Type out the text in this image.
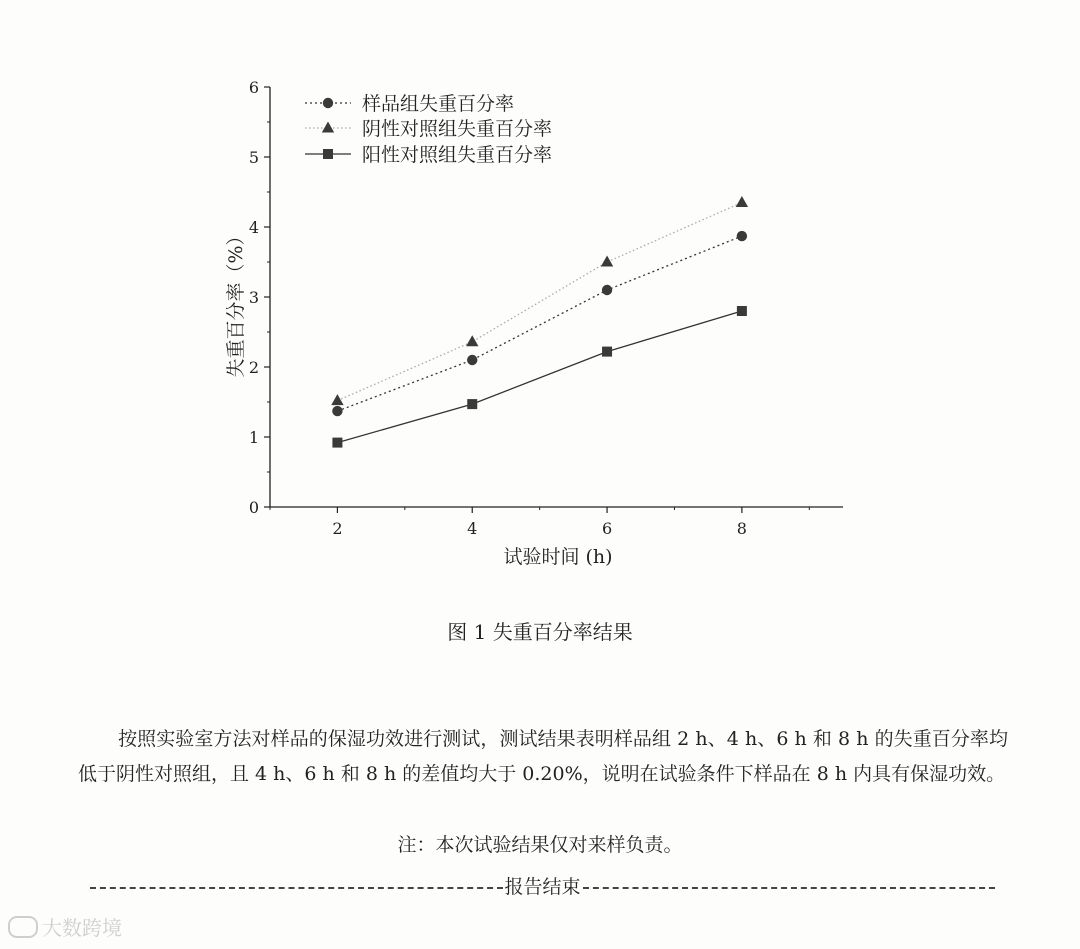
0
1
2
3
4
5
6
2	4	6	8
样品组失重百分率
阴性对照组失重百分率
阳性对照组失重百分率
试验时间 (h)
失重百分率（%）
图 1 失重百分率结果

按照实验室方法对样品的保湿功效进行测试，测试结果表明样品组 2 h、4 h、6 h 和 8 h 的失重百分率均低于阴性对照组，且 4 h、6 h 和 8 h 的差值均大于 0.20%，说明在试验条件下样品在 8 h 内具有保湿功效。

注：本次试验结果仅对来样负责。
报告结束
大数跨境
